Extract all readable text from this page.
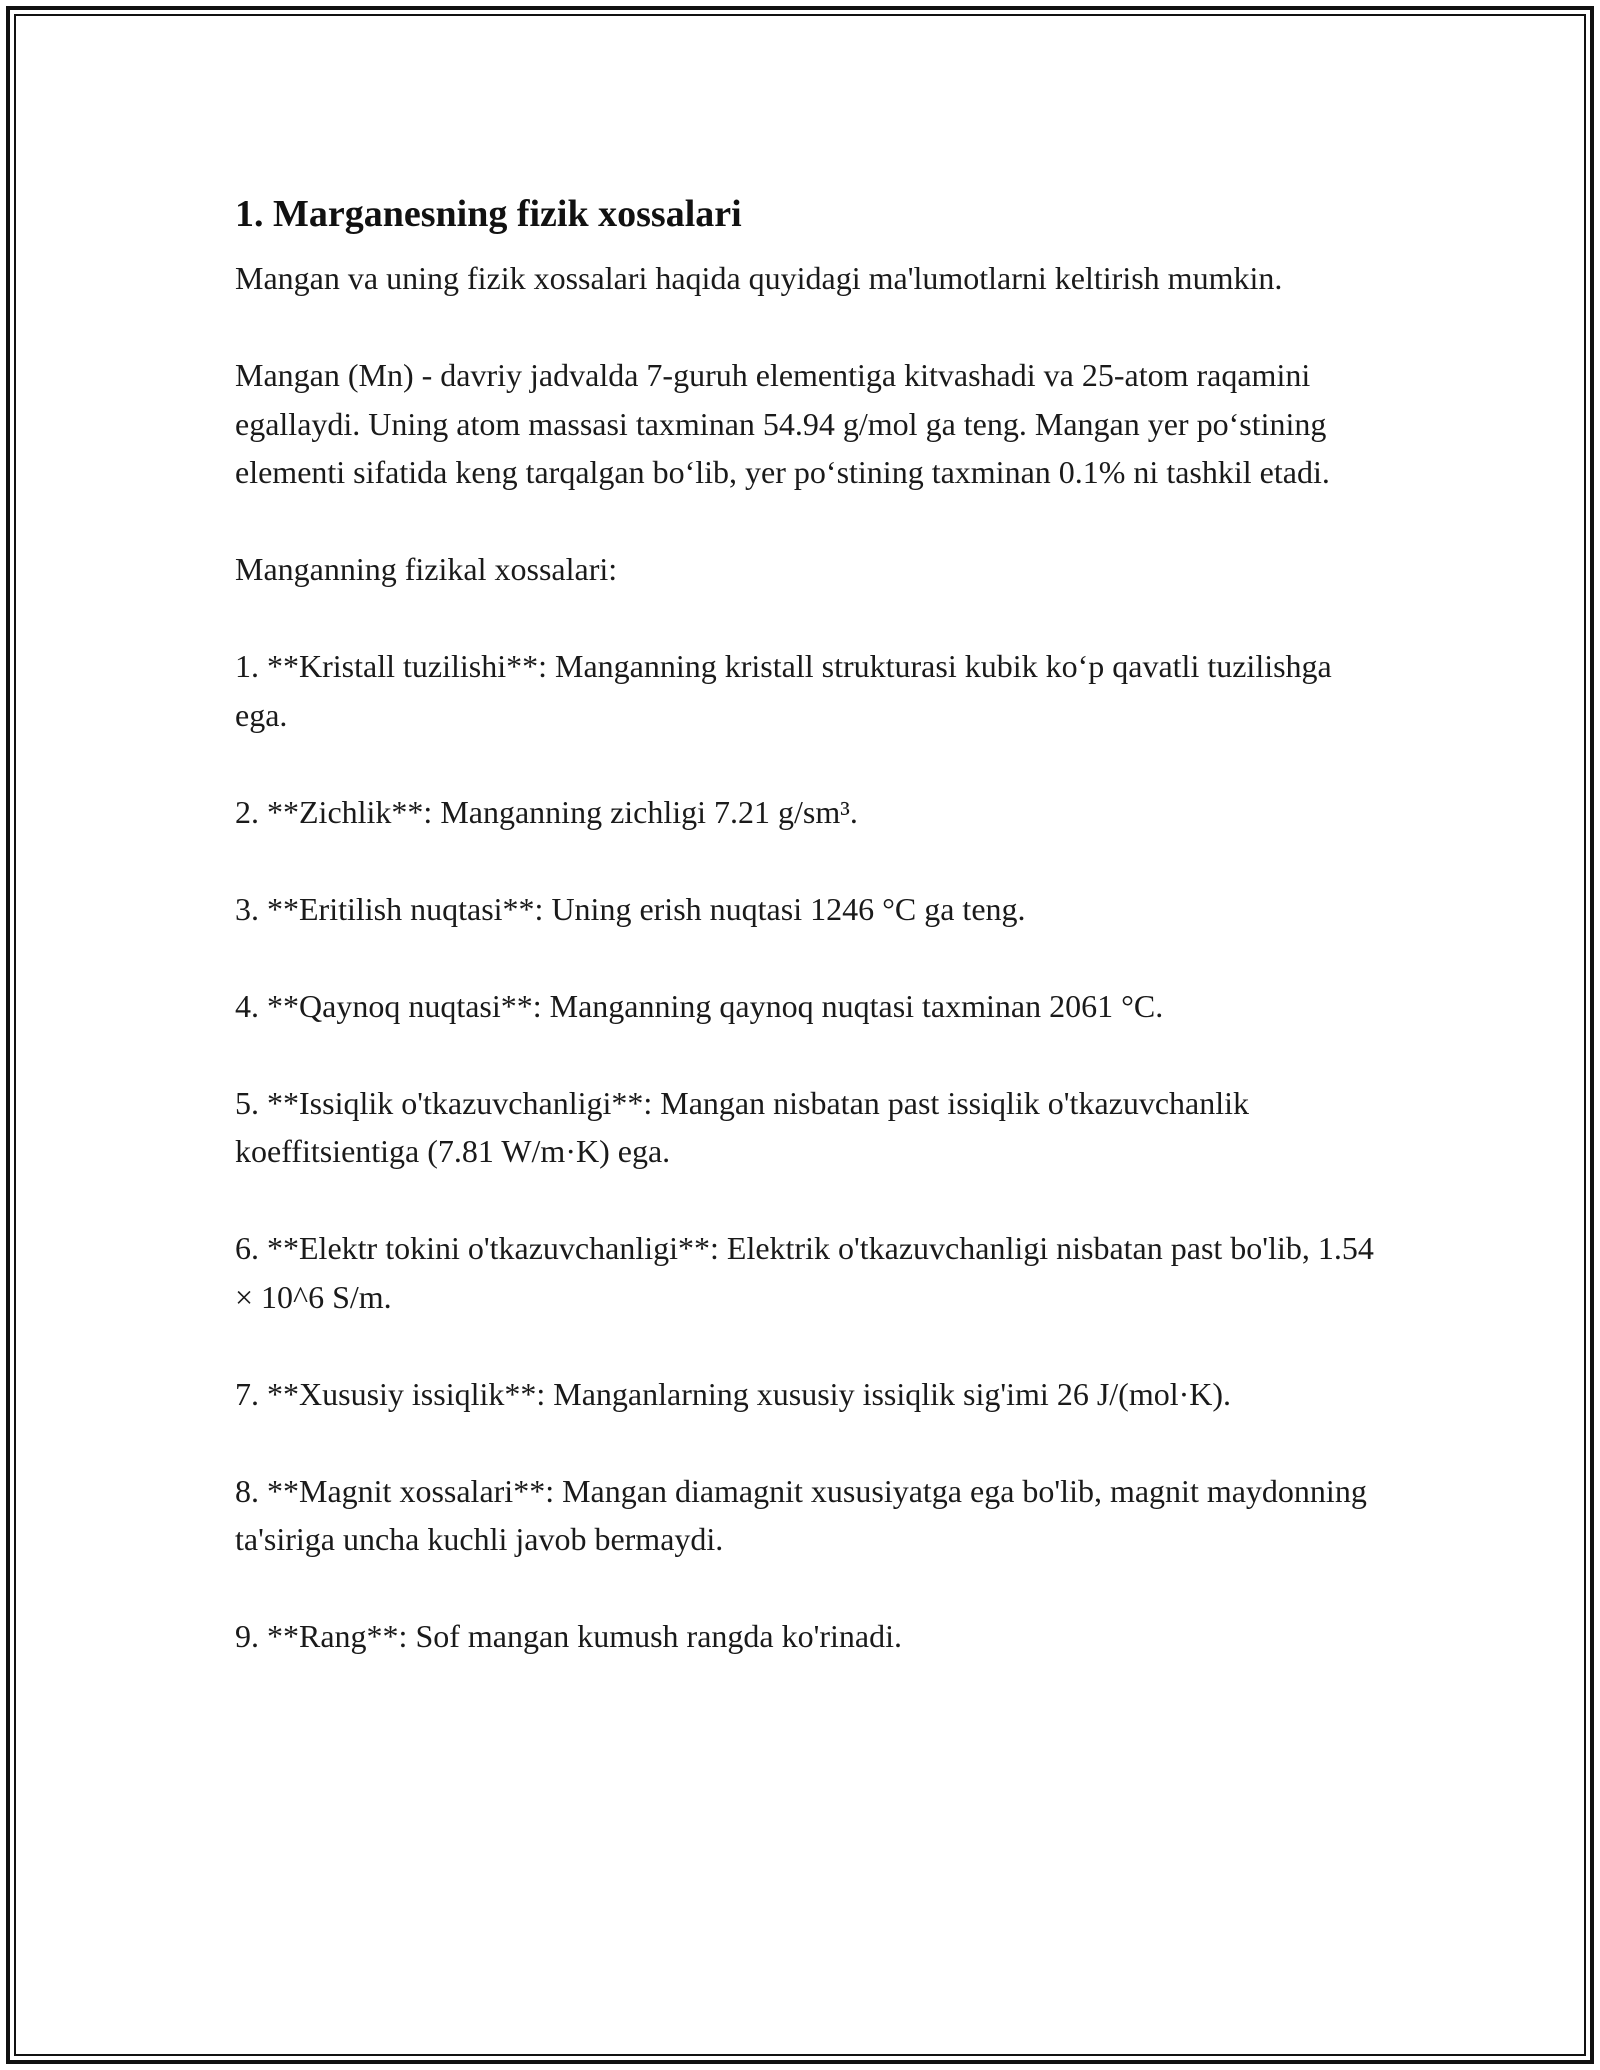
1. Marganesning fizik xossalari

Mangan va uning fizik xossalari haqida quyidagi ma'lumotlarni keltirish mumkin.

Mangan (Mn) - davriy jadvalda 7-guruh elementiga kitvashadi va 25-atom raqamini egallaydi. Uning atom massasi taxminan 54.94 g/mol ga teng. Mangan yer po‘stining elementi sifatida keng tarqalgan bo‘lib, yer po‘stining taxminan 0.1% ni tashkil etadi.

Manganning fizikal xossalari:

1. **Kristall tuzilishi**: Manganning kristall strukturasi kubik ko‘p qavatli tuzilishga ega.
2. **Zichlik**: Manganning zichligi 7.21 g/sm³.
3. **Eritilish nuqtasi**: Uning erish nuqtasi 1246 °C ga teng.
4. **Qaynoq nuqtasi**: Manganning qaynoq nuqtasi taxminan 2061 °C.
5. **Issiqlik o'tkazuvchanligi**: Mangan nisbatan past issiqlik o'tkazuvchanlik koeffitsientiga (7.81 W/m·K) ega.
6. **Elektr tokini o'tkazuvchanligi**: Elektrik o'tkazuvchanligi nisbatan past bo'lib, 1.54 × 10^6 S/m.
7. **Xususiy issiqlik**: Manganlarning xususiy issiqlik sig'imi 26 J/(mol·K).
8. **Magnit xossalari**: Mangan diamagnit xususiyatga ega bo'lib, magnit maydonning ta'siriga uncha kuchli javob bermaydi.
9. **Rang**: Sof mangan kumush rangda ko'rinadi.
